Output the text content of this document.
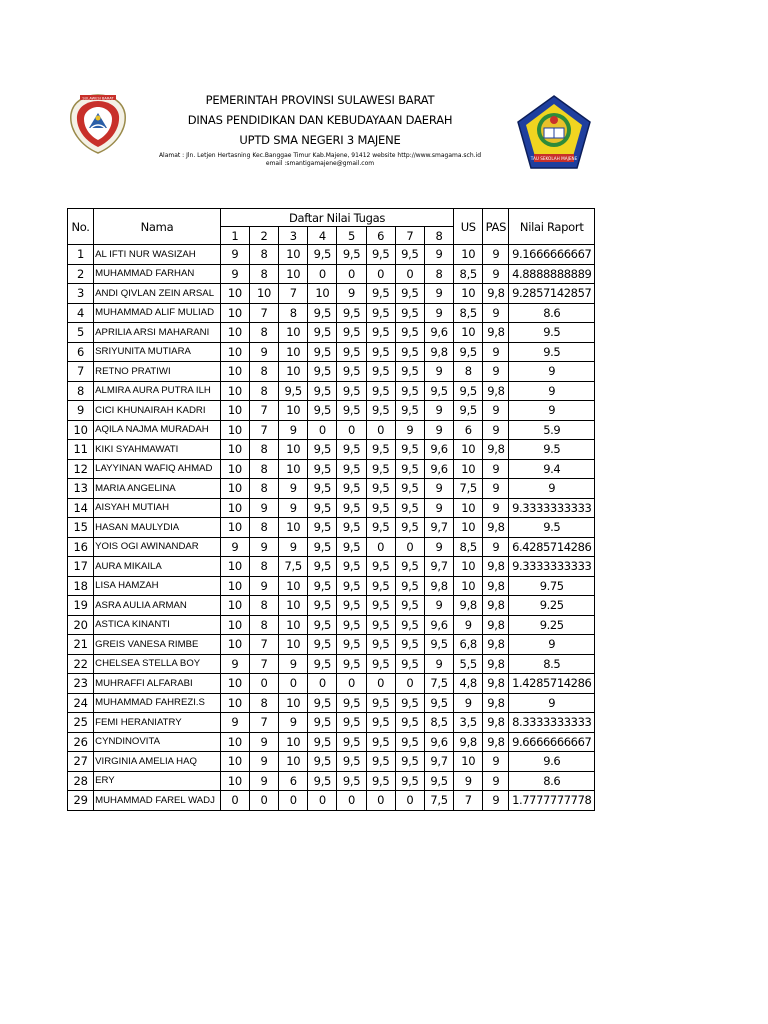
SULAWESI BARAT
TAU SEKOLAH MAJENE
PEMERINTAH PROVINSI SULAWESI BARAT
DINAS PENDIDIKAN DAN KEBUDAYAAN DAERAH
UPTD SMA NEGERI 3 MAJENE
Alamat : Jln. Letjen Hertasning Kec.Banggae Timur Kab.Majene, 91412 website http://www.smagama.sch.id
email :smantigamajene@gmail.com
No.	Nama	Daftar Nilai Tugas								US	PAS	Nilai Raport
		1	2	3	4	5	6	7	8			
1	AL IFTI NUR WASIZAH	9	8	10	9,5	9,5	9,5	9,5	9	10	9	9.1666666667
2	MUHAMMAD FARHAN	9	8	10	0	0	0	0	8	8,5	9	4.8888888889
3	ANDI QIVLAN ZEIN ARSAL	10	10	7	10	9	9,5	9,5	9	10	9,8	9.2857142857
4	MUHAMMAD ALIF MULIAD	10	7	8	9,5	9,5	9,5	9,5	9	8,5	9	8.6
5	APRILIA ARSI MAHARANI	10	8	10	9,5	9,5	9,5	9,5	9,6	10	9,8	9.5
6	SRIYUNITA MUTIARA	10	9	10	9,5	9,5	9,5	9,5	9,8	9,5	9	9.5
7	RETNO PRATIWI	10	8	10	9,5	9,5	9,5	9,5	9	8	9	9
8	ALMIRA AURA PUTRA ILH	10	8	9,5	9,5	9,5	9,5	9,5	9,5	9,5	9,8	9
9	CICI KHUNAIRAH KADRI	10	7	10	9,5	9,5	9,5	9,5	9	9,5	9	9
10	AQILA NAJMA MURADAH	10	7	9	0	0	0	9	9	6	9	5.9
11	KIKI SYAHMAWATI	10	8	10	9,5	9,5	9,5	9,5	9,6	10	9,8	9.5
12	LAYYINAN WAFIQ AHMAD	10	8	10	9,5	9,5	9,5	9,5	9,6	10	9	9.4
13	MARIA ANGELINA	10	8	9	9,5	9,5	9,5	9,5	9	7,5	9	9
14	AISYAH MUTIAH	10	9	9	9,5	9,5	9,5	9,5	9	10	9	9.3333333333
15	HASAN MAULYDIA	10	8	10	9,5	9,5	9,5	9,5	9,7	10	9,8	9.5
16	YOIS OGI AWINANDAR	9	9	9	9,5	9,5	0	0	9	8,5	9	6.4285714286
17	AURA MIKAILA	10	8	7,5	9,5	9,5	9,5	9,5	9,7	10	9,8	9.3333333333
18	LISA HAMZAH	10	9	10	9,5	9,5	9,5	9,5	9,8	10	9,8	9.75
19	ASRA AULIA ARMAN	10	8	10	9,5	9,5	9,5	9,5	9	9,8	9,8	9.25
20	ASTICA KINANTI	10	8	10	9,5	9,5	9,5	9,5	9,6	9	9,8	9.25
21	GREIS VANESA RIMBE	10	7	10	9,5	9,5	9,5	9,5	9,5	6,8	9,8	9
22	CHELSEA STELLA BOY	9	7	9	9,5	9,5	9,5	9,5	9	5,5	9,8	8.5
23	MUHRAFFI ALFARABI	10	0	0	0	0	0	0	7,5	4,8	9,8	1.4285714286
24	MUHAMMAD FAHREZI.S	10	8	10	9,5	9,5	9,5	9,5	9,5	9	9,8	9
25	FEMI HERANIATRY	9	7	9	9,5	9,5	9,5	9,5	8,5	3,5	9,8	8.3333333333
26	CYNDINOVITA	10	9	10	9,5	9,5	9,5	9,5	9,6	9,8	9,8	9.6666666667
27	VIRGINIA AMELIA HAQ	10	9	10	9,5	9,5	9,5	9,5	9,7	10	9	9.6
28	ERY	10	9	6	9,5	9,5	9,5	9,5	9,5	9	9	8.6
29	MUHAMMAD FAREL WADJ	0	0	0	0	0	0	0	7,5	7	9	1.7777777778
